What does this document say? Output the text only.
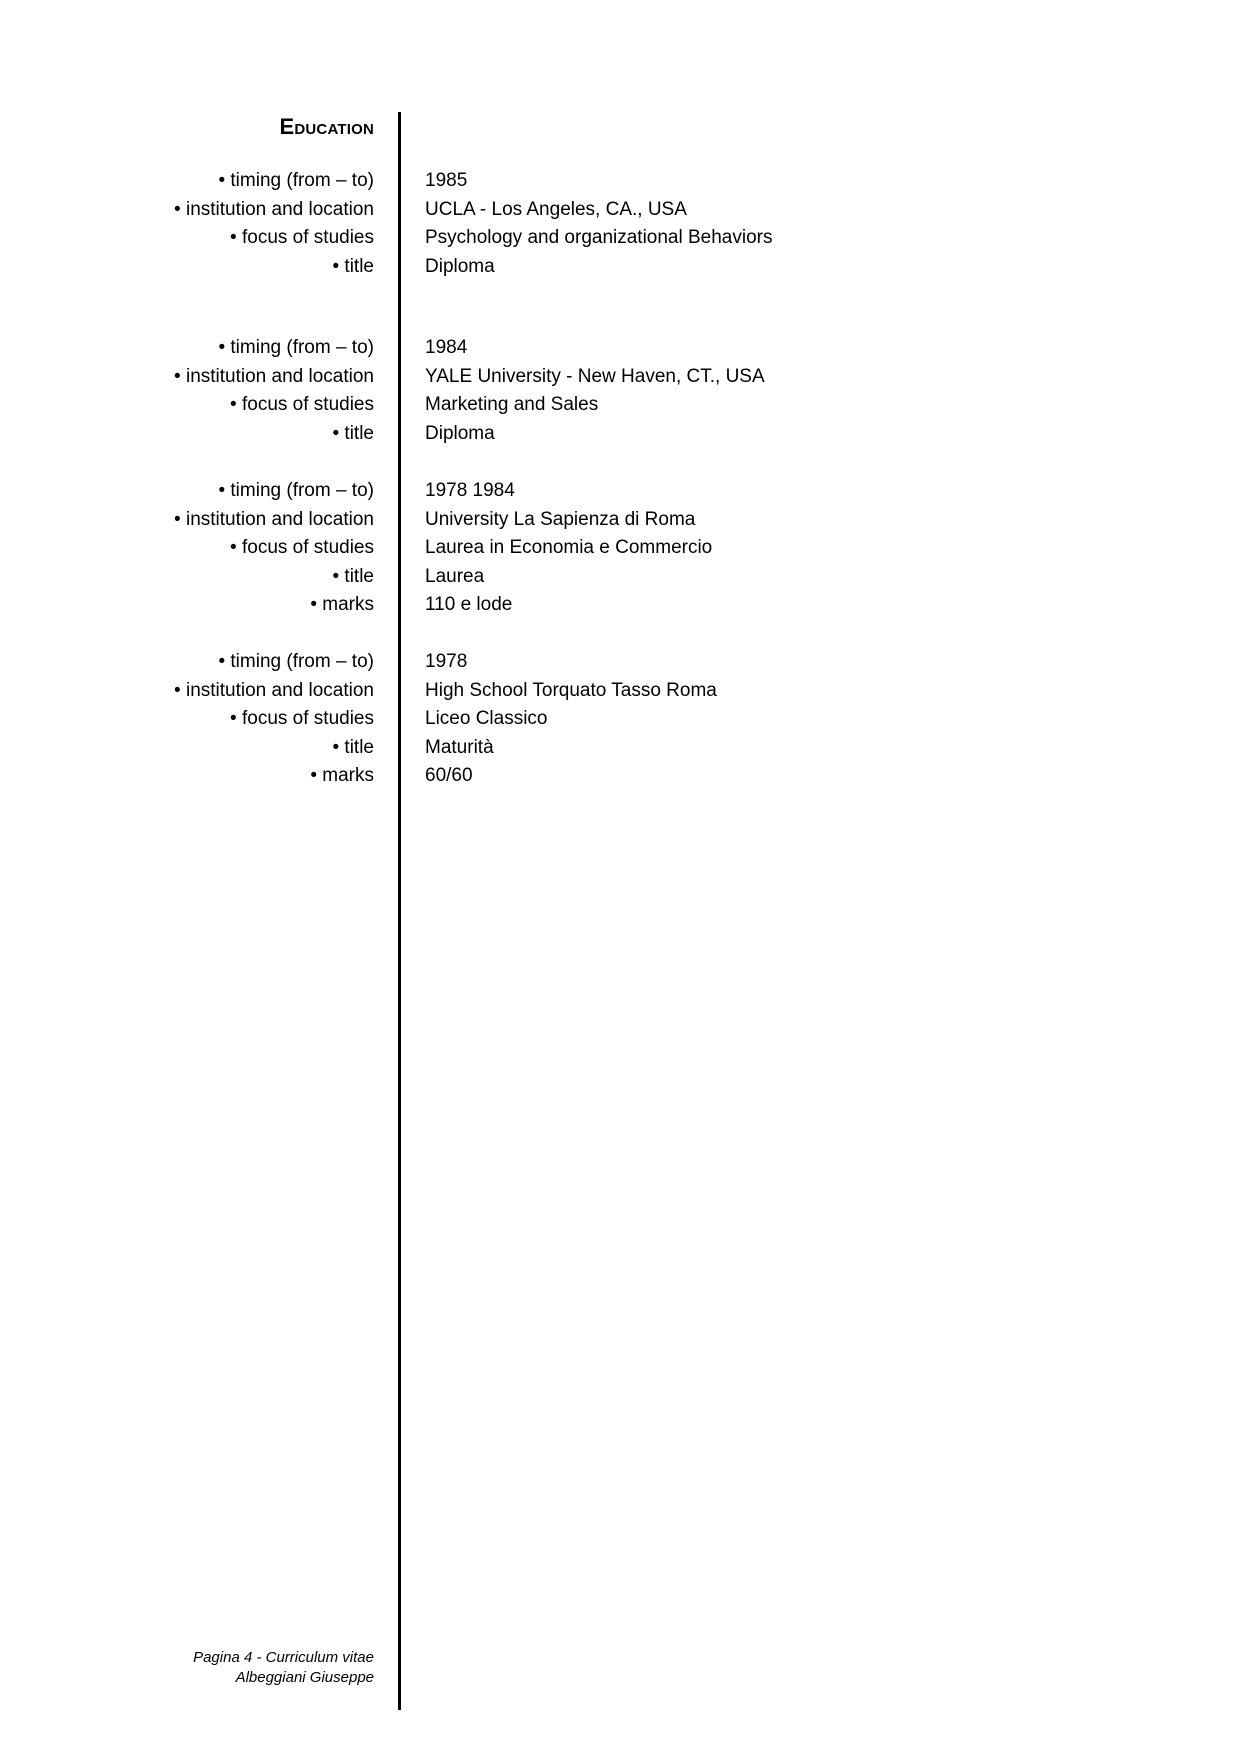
Education
• timing (from – to)	1985
• institution and location	UCLA - Los Angeles, CA., USA
• focus of studies	Psychology and organizational Behaviors
• title	Diploma
• timing (from – to)	1984
• institution and location	YALE University - New Haven, CT., USA
• focus of studies	Marketing and Sales
• title	Diploma
• timing (from – to)	1978 1984
• institution and location	University La Sapienza di Roma
• focus of studies	Laurea in Economia e Commercio
• title	Laurea
• marks	110 e lode
• timing (from – to)	1978
• institution and location	High School Torquato Tasso Roma
• focus of studies	Liceo Classico
• title	Maturità
• marks	60/60
Pagina 4 - Curriculum vitae
Albeggiani Giuseppe
